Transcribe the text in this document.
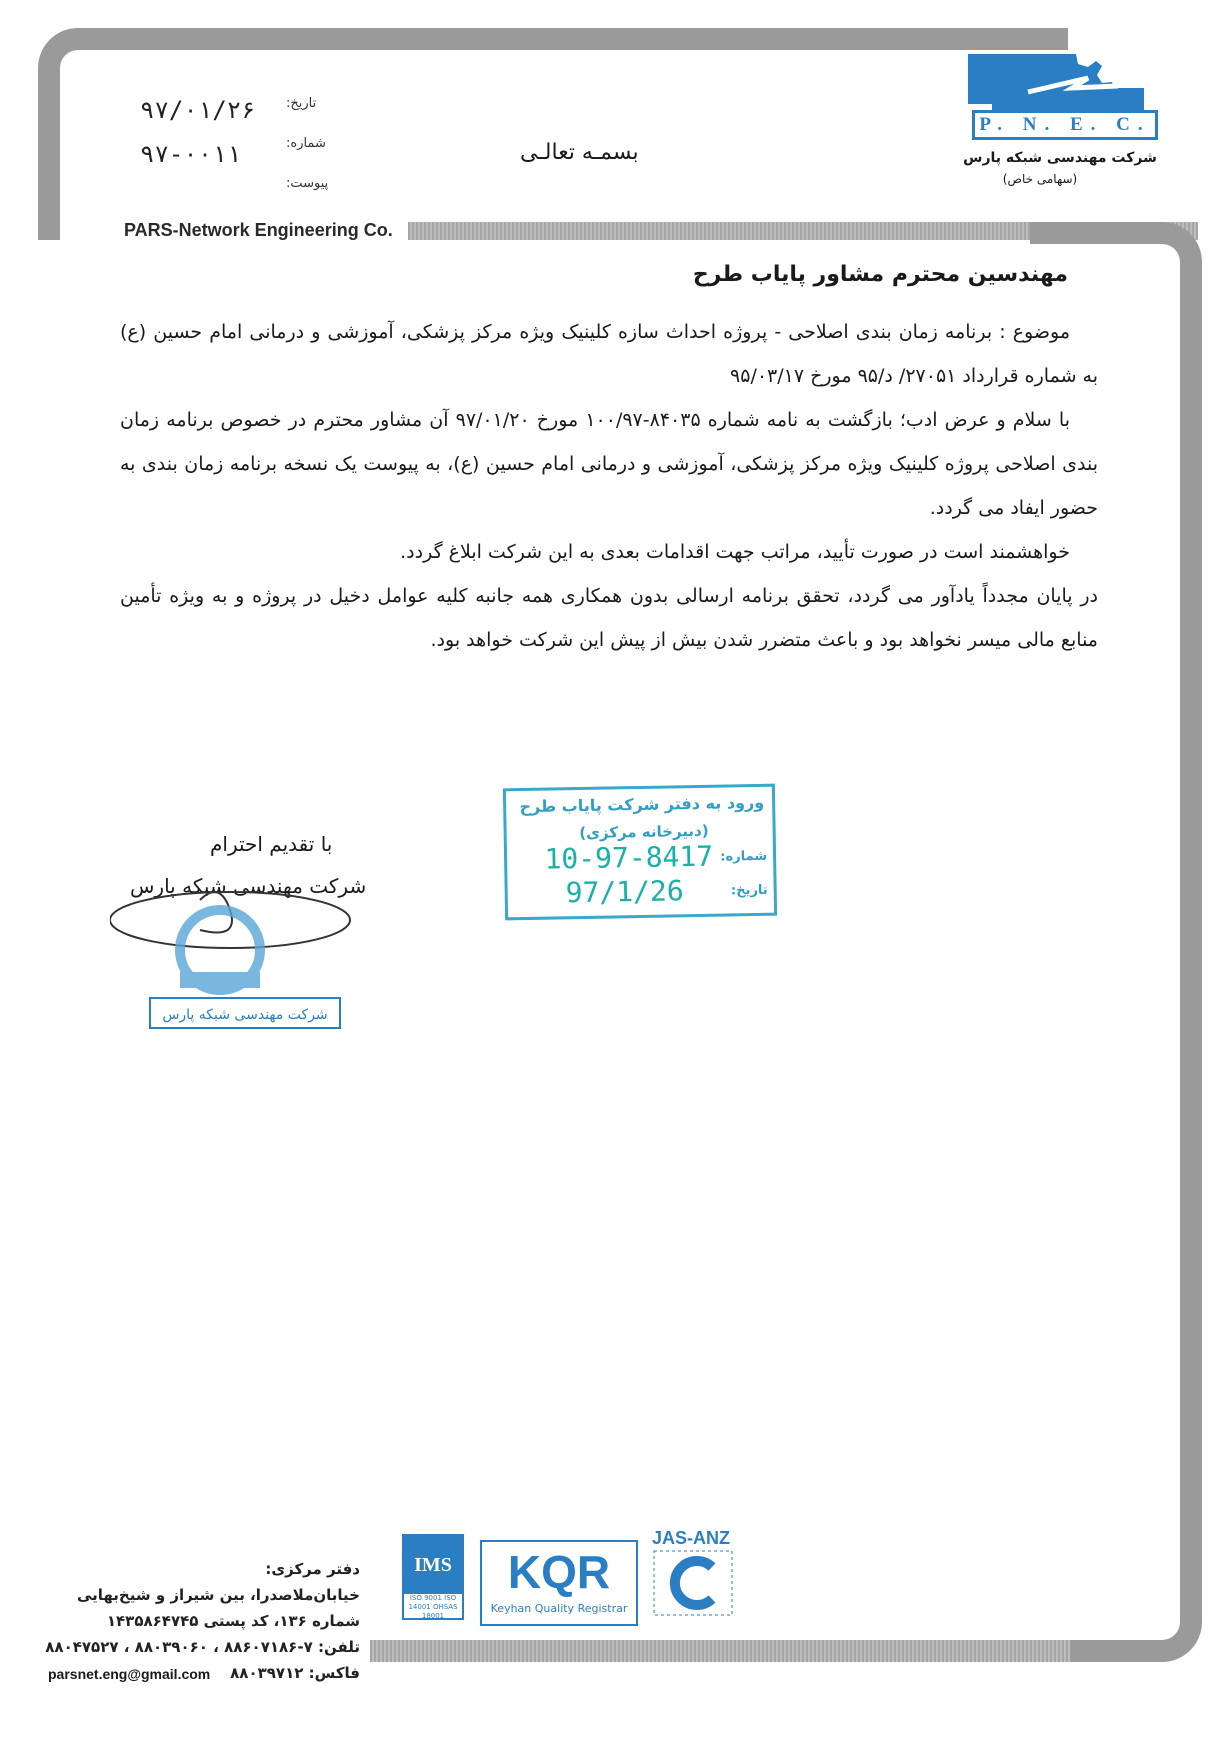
PARS-Network Engineering Co.
تاریخ:
۹۷/۰۱/۲۶
شماره:
۹۷-۰۰۱۱
پیوست:
بسمـه تعالـی
P. N. E. C.
شرکت مهندسی شبکه پارس
(سهامی خاص)
مهندسین محترم مشاور پایاب طرح

موضوع : برنامه زمان بندی اصلاحی - پروژه احداث سازه کلینیک ویژه مرکز پزشکی، آموزشی و درمانی امام حسین (ع) به شماره قرارداد ۲۷۰۵۱/ د/۹۵ مورخ ۹۵/۰۳/۱۷

با سلام و عرض ادب؛ بازگشت به نامه شماره ۸۴۰۳۵-۱۰۰/۹۷ مورخ ۹۷/۰۱/۲۰ آن مشاور محترم در خصوص برنامه زمان بندی اصلاحی پروژه کلینیک ویژه مرکز پزشکی، آموزشی و درمانی امام حسین (ع)، به پیوست یک نسخه برنامه زمان بندی به حضور ایفاد می گردد.

خواهشمند است در صورت تأیید، مراتب جهت اقدامات بعدی به این شرکت ابلاغ گردد.

در پایان مجدداً یادآور می گردد، تحقق برنامه ارسالی بدون همکاری همه جانبه کلیه عوامل دخیل در پروژه و به ویژه تأمین منابع مالی میسر نخواهد بود و باعث متضرر شدن بیش از پیش این شرکت خواهد بود.

ورود به دفتر شرکت پایاب طرح
(دبیرخانه مرکزی)
شماره:
10-97-8417
تاریخ:
97/1/26
با تقدیم احترام
شرکت مهندسی شبکه پارس
شرکت مهندسی شبکه پارس
IMS
ISO 9001 ISO 14001 OHSAS 18001
KQR
Keyhan Quality Registrar
JAS-ANZ
دفتر مرکزی:
خیابان‌ملاصدرا، بین شیراز و شیخ‌بهایی
شماره ۱۳۶، کد پستی ۱۴۳۵۸۶۴۷۴۵
تلفن: ۷-۸۸۶۰۷۱۸۶ ، ۸۸۰۳۹۰۶۰ ، ۸۸۰۴۷۵۲۷
فاکس: ۸۸۰۳۹۷۱۲
parsnet.eng@gmail.com
